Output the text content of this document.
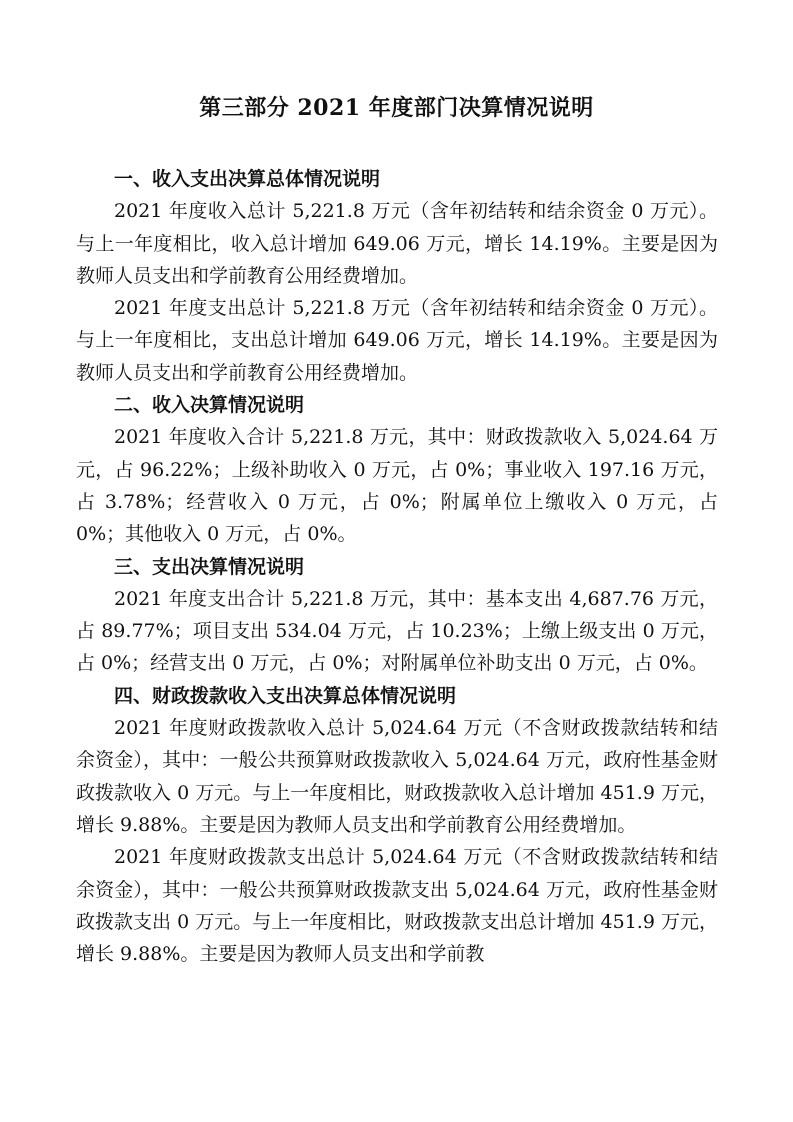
第三部分 2021 年度部门决算情况说明
一、收入支出决算总体情况说明

2021 年度收入总计 5,221.8 万元（含年初结转和结余资金 0 万元）。与上一年度相比，收入总计增加 649.06 万元，增长 14.19%。主要是因为教师人员支出和学前教育公用经费增加。

2021 年度支出总计 5,221.8 万元（含年初结转和结余资金 0 万元）。与上一年度相比，支出总计增加 649.06 万元，增长 14.19%。主要是因为教师人员支出和学前教育公用经费增加。

二、收入决算情况说明

2021 年度收入合计 5,221.8 万元，其中：财政拨款收入 5,024.64 万元，占 96.22%；上级补助收入 0 万元，占 0%；事业收入 197.16 万元，占 3.78%；经营收入 0 万元，占 0%；附属单位上缴收入 0 万元，占 0%；其他收入 0 万元，占 0%。

三、支出决算情况说明

2021 年度支出合计 5,221.8 万元，其中：基本支出 4,687.76 万元，占 89.77%；项目支出 534.04 万元，占 10.23%；上缴上级支出 0 万元，占 0%；经营支出 0 万元，占 0%；对附属单位补助支出 0 万元，占 0%。

四、财政拨款收入支出决算总体情况说明

2021 年度财政拨款收入总计 5,024.64 万元（不含财政拨款结转和结余资金），其中：一般公共预算财政拨款收入 5,024.64 万元，政府性基金财政拨款收入 0 万元。与上一年度相比，财政拨款收入总计增加 451.9 万元，增长 9.88%。主要是因为教师人员支出和学前教育公用经费增加。

2021 年度财政拨款支出总计 5,024.64 万元（不含财政拨款结转和结余资金），其中：一般公共预算财政拨款支出 5,024.64 万元，政府性基金财政拨款支出 0 万元。与上一年度相比，财政拨款支出总计增加 451.9 万元，增长 9.88%。主要是因为教师人员支出和学前教
